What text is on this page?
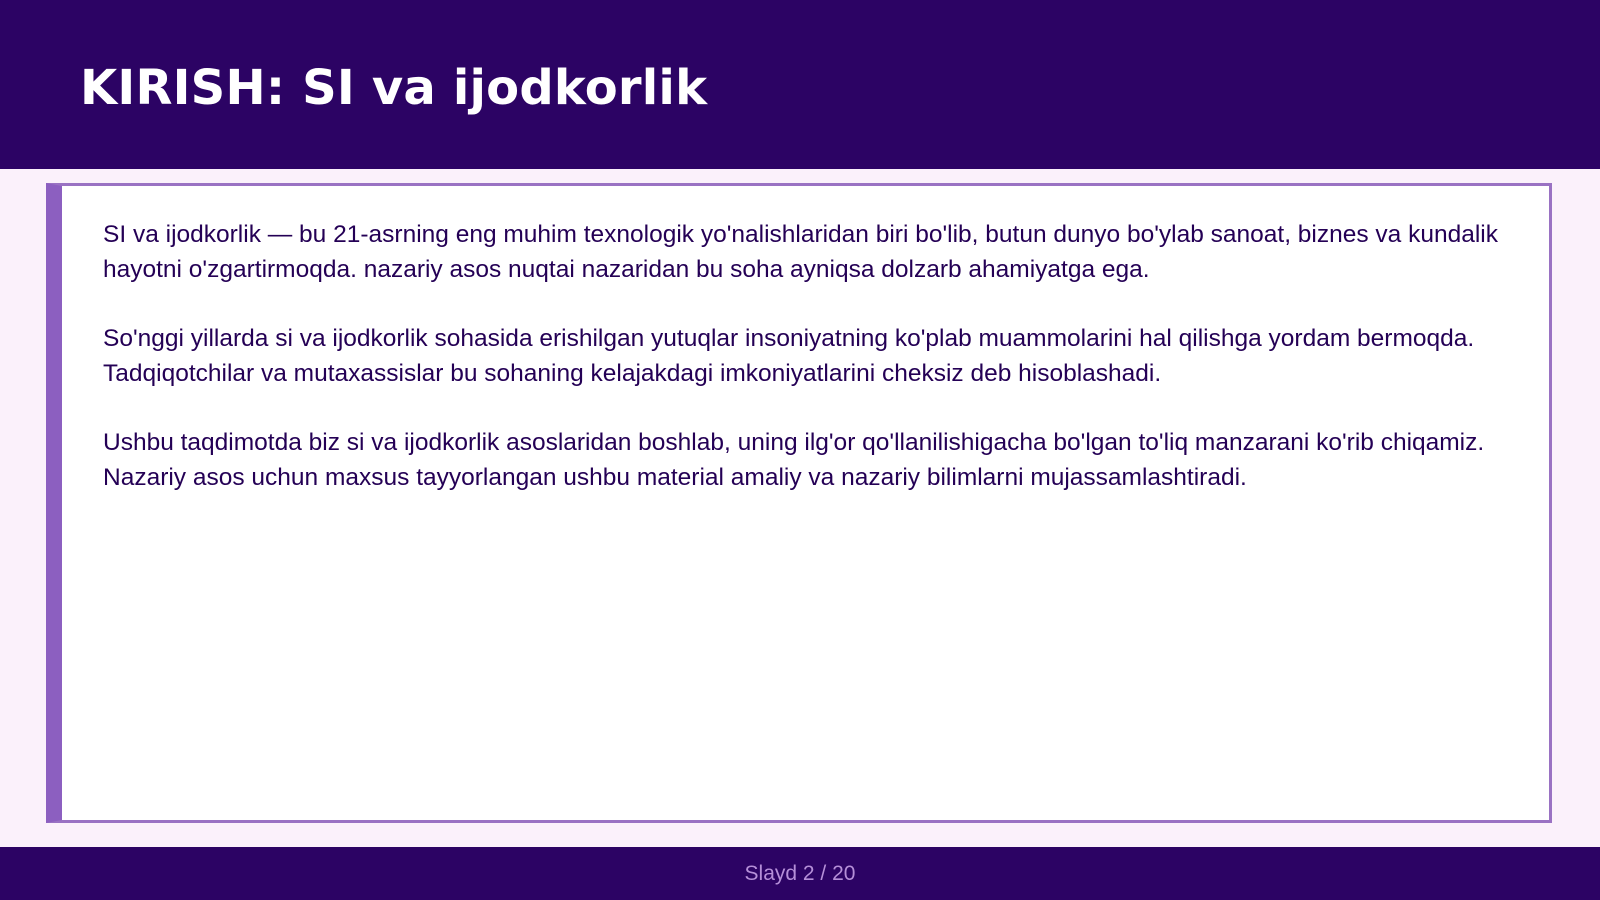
KIRISH: SI va ijodkorlik

SI va ijodkorlik — bu 21-asrning eng muhim texnologik yo'nalishlaridan biri bo'lib, butun dunyo bo'ylab sanoat, biznes va kundalik hayotni o'zgartirmoqda. nazariy asos nuqtai nazaridan bu soha ayniqsa dolzarb ahamiyatga ega.

So'nggi yillarda si va ijodkorlik sohasida erishilgan yutuqlar insoniyatning ko'plab muammolarini hal qilishga yordam bermoqda. Tadqiqotchilar va mutaxassislar bu sohaning kelajakdagi imkoniyatlarini cheksiz deb hisoblashadi.

Ushbu taqdimotda biz si va ijodkorlik asoslaridan boshlab, uning ilg'or qo'llanilishigacha bo'lgan to'liq manzarani ko'rib chiqamiz. Nazariy asos uchun maxsus tayyorlangan ushbu material amaliy va nazariy bilimlarni mujassamlashtiradi.

Slayd 2 / 20
